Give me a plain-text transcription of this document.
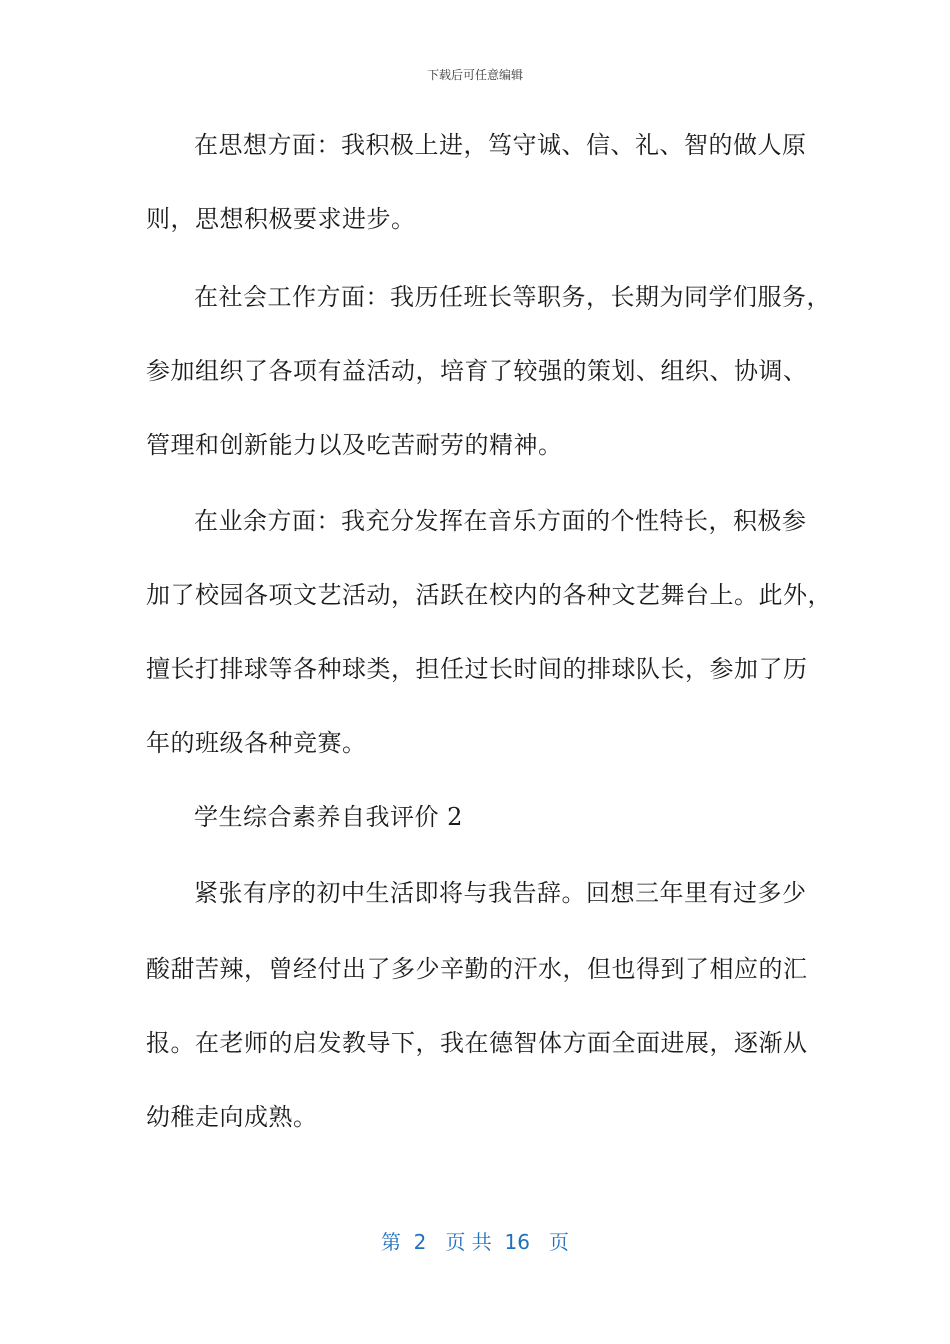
下载后可任意编辑
在思想方面：我积极上进，笃守诚、信、礼、智的做人原
则，思想积极要求进步。
在社会工作方面：我历任班长等职务，长期为同学们服务，
参加组织了各项有益活动，培育了较强的策划、组织、协调、
管理和创新能力以及吃苦耐劳的精神。
在业余方面：我充分发挥在音乐方面的个性特长，积极参
加了校园各项文艺活动，活跃在校内的各种文艺舞台上。此外，
擅长打排球等各种球类，担任过长时间的排球队长，参加了历
年的班级各种竞赛。
学生综合素养自我评价 2
紧张有序的初中生活即将与我告辞。回想三年里有过多少
酸甜苦辣，曾经付出了多少辛勤的汗水，但也得到了相应的汇
报。在老师的启发教导下，我在德智体方面全面进展，逐渐从
幼稚走向成熟。
第  2   页 共  16   页
